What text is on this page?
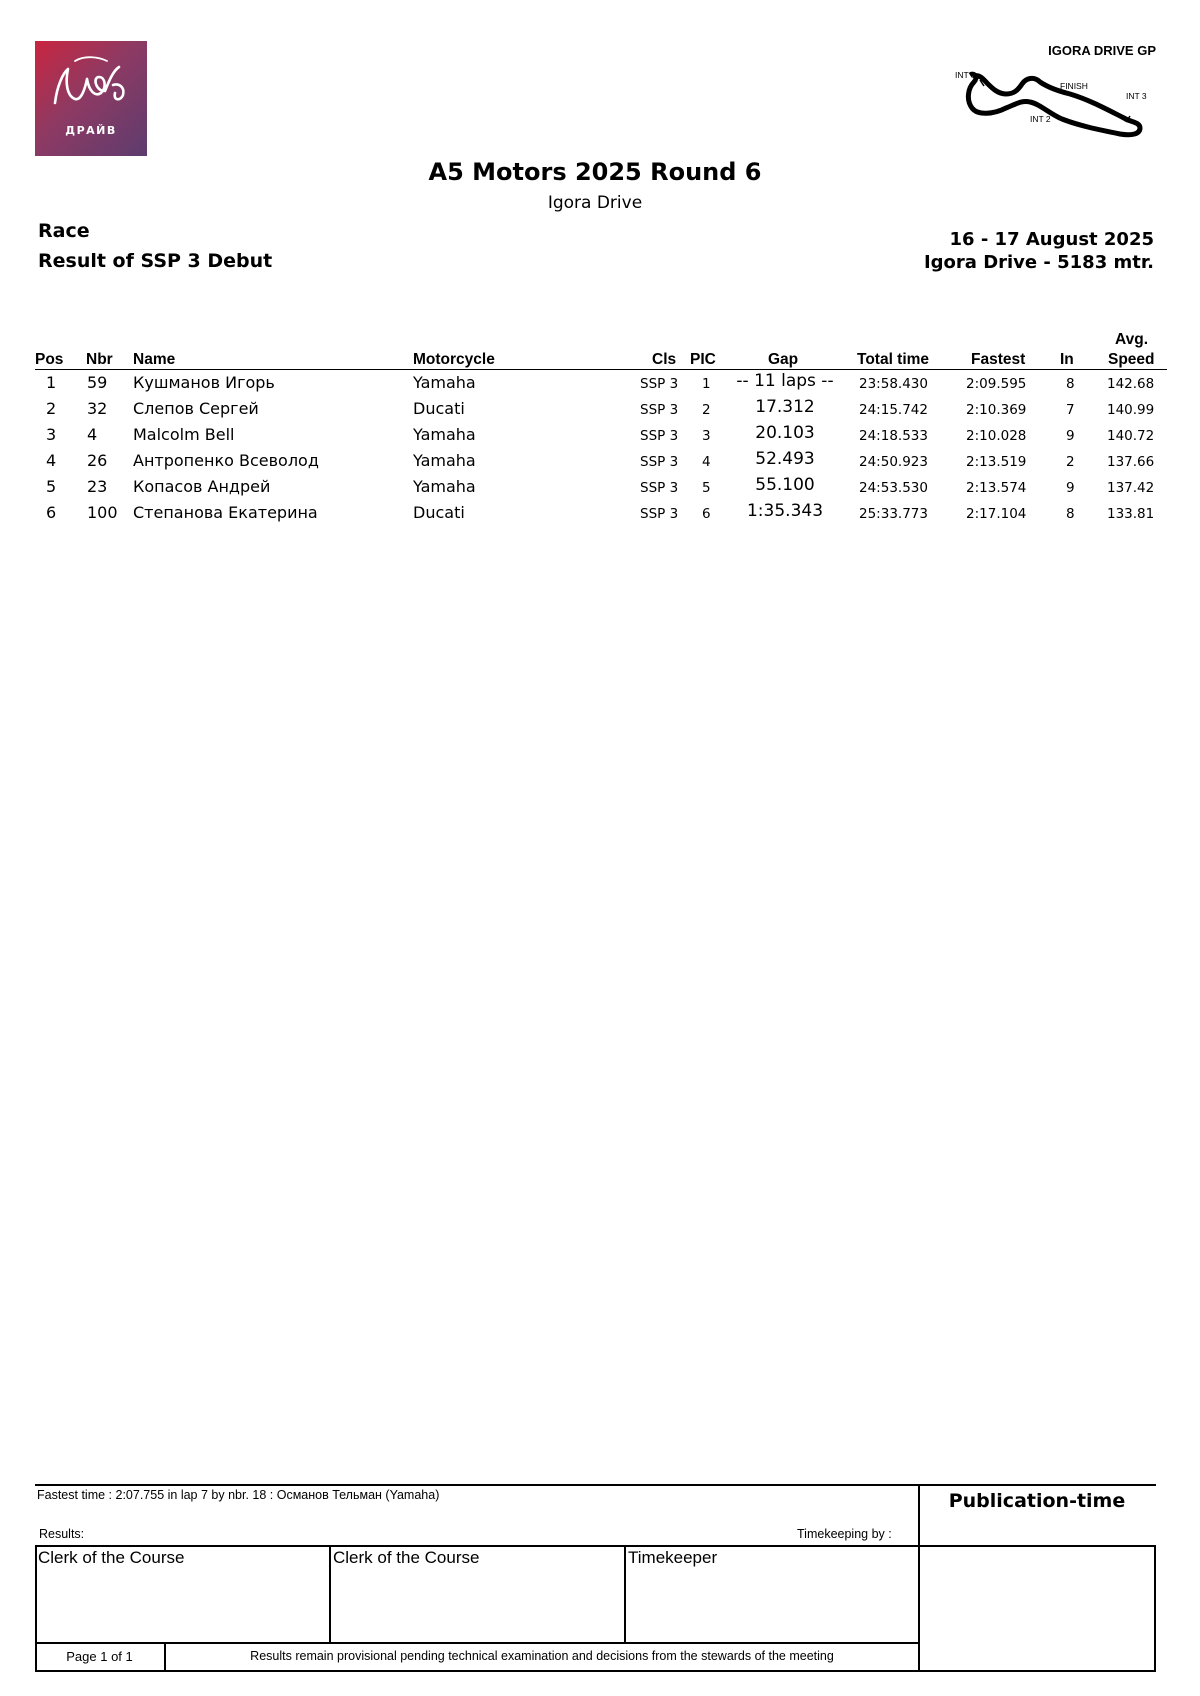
ДРАЙВ
IGORA DRIVE GP
INT 1
FINISH
INT 3
INT 2
A5 Motors 2025 Round 6
Igora Drive
Race
Result of SSP 3 Debut
16 - 17 August 2025
Igora Drive - 5183 mtr.
Pos Nbr Name	Motorcycle	Cls PIC	Gap	Total time	Fastest In
Avg.
Speed
1 59 Кушманов Игорь	Yamaha	SSP 3 1	-- 11 laps --	23:58.430	2:09.595	8 142.68
2 32 Слепов Сергей	Ducati	SSP 3 2	17.312	24:15.742	2:10.369	7 140.99
3 4 Malcolm Bell	Yamaha	SSP 3 3	20.103	24:18.533	2:10.028	9 140.72
4 26 Антропенко Всеволод	Yamaha	SSP 3 4	52.493	24:50.923	2:13.519	2 137.66
5 23 Копасов Андрей	Yamaha	SSP 3 5	55.100	24:53.530	2:13.574	9 137.42
6 100 Степанова Екатерина	Ducati	SSP 3 6	1:35.343	25:33.773	2:17.104	8 133.81
Fastest time : 2:07.755 in lap 7 by nbr. 18 : Османов Тельман (Yamaha)	Publication-time
Results:	Timekeeping by :
Clerk of the Course	Clerk of the Course	Timekeeper
Page 1 of 1	Results remain provisional pending technical examination and decisions from the stewards of the meeting
